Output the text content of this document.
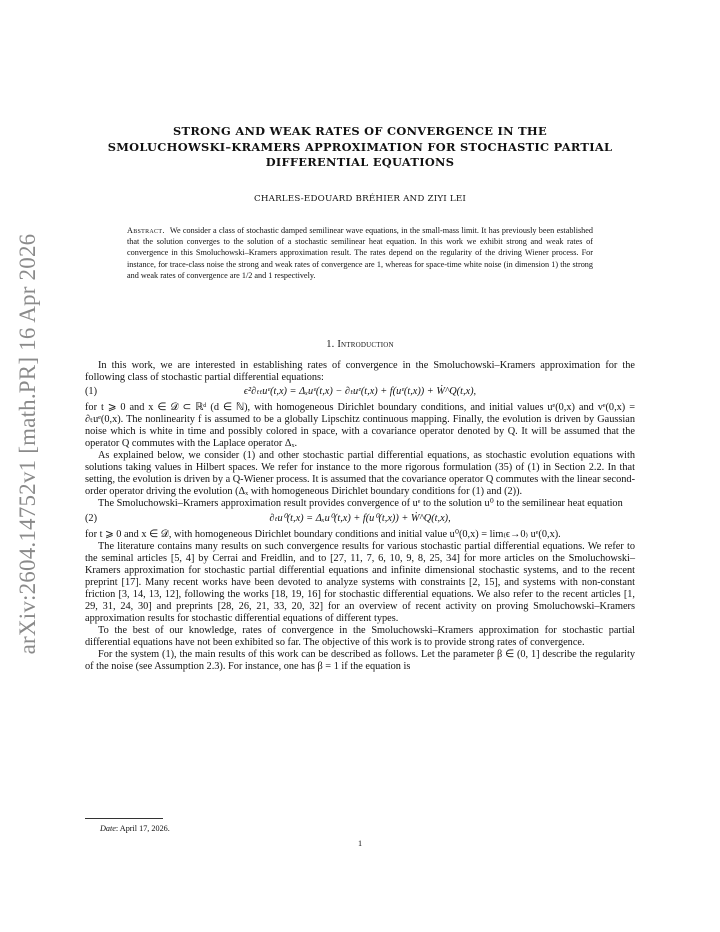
arXiv:2604.14752v1 [math.PR] 16 Apr 2026
STRONG AND WEAK RATES OF CONVERGENCE IN THE
SMOLUCHOWSKI–KRAMERS APPROXIMATION FOR STOCHASTIC PARTIAL
DIFFERENTIAL EQUATIONS
CHARLES-EDOUARD BRÉHIER AND ZIYI LEI
Abstract. We consider a class of stochastic damped semilinear wave equations, in the small-mass limit. It has previously been established that the solution converges to the solution of a stochastic semilinear heat equation. In this work we exhibit strong and weak rates of convergence in this Smoluchowski–Kramers approximation result. The rates depend on the regularity of the driving Wiener process. For instance, for trace-class noise the strong and weak rates of convergence are 1, whereas for space-time white noise (in dimension 1) the strong and weak rates of convergence are 1/2 and 1 respectively.
1. Introduction

In this work, we are interested in establishing rates of convergence in the Smoluchowski–Kramers approximation for the following class of stochastic partial differential equations:

(1)	ϵ²∂ₜₜuᵉ(t,x) = Δₓuᵉ(t,x) − ∂ₜuᵉ(t,x) + f(uᵉ(t,x)) + Ẇ^Q(t,x),

for t ⩾ 0 and x ∈ 𝒟 ⊂ ℝᵈ (d ∈ ℕ), with homogeneous Dirichlet boundary conditions, and initial values uᵉ(0,x) and vᵉ(0,x) = ∂ₜuᵉ(0,x). The nonlinearity f is assumed to be a globally Lipschitz continuous mapping. Finally, the evolution is driven by Gaussian noise which is white in time and possibly colored in space, with a covariance operator denoted by Q. It will be assumed that the operator Q commutes with the Laplace operator Δₓ.

As explained below, we consider (1) and other stochastic partial differential equations, as stochastic evolution equations with solutions taking values in Hilbert spaces. We refer for instance to the more rigorous formulation (35) of (1) in Section 2.2. In that setting, the evolution is driven by a Q-Wiener process. It is assumed that the covariance operator Q commutes with the linear second-order operator driving the evolution (Δₓ with homogeneous Dirichlet boundary conditions for (1) and (2)).

The Smoluchowski–Kramers approximation result provides convergence of uᵉ to the solution u⁰ to the semilinear heat equation

(2)	∂ₜu⁰(t,x) = Δₓu⁰(t,x) + f(u⁰(t,x)) + Ẇ^Q(t,x),

for t ⩾ 0 and x ∈ 𝒟, with homogeneous Dirichlet boundary conditions and initial value u⁰(0,x) = lim₍ϵ→0₎ uᵉ(0,x).

The literature contains many results on such convergence results for various stochastic partial differential equations. We refer to the seminal articles [5, 4] by Cerrai and Freidlin, and to [27, 11, 7, 6, 10, 9, 8, 25, 34] for more articles on the Smoluchowski–Kramers approximation for stochastic partial differential equations and infinite dimensional stochastic systems, and to the recent preprint [17]. Many recent works have been devoted to analyze systems with constraints [2, 15], and systems with non-constant friction [3, 14, 13, 12], following the works [18, 19, 16] for stochastic differential equations. We also refer to the recent articles [1, 29, 31, 24, 30] and preprints [28, 26, 21, 33, 20, 32] for an overview of recent activity on proving Smoluchowski–Kramers approximation results for stochastic differential equations of different types.

To the best of our knowledge, rates of convergence in the Smoluchowski–Kramers approximation for stochastic partial differential equations have not been exhibited so far. The objective of this work is to provide strong rates of convergence.

For the system (1), the main results of this work can be described as follows. Let the parameter β ∈ (0, 1] describe the regularity of the noise (see Assumption 2.3). For instance, one has β = 1 if the equation is

Date: April 17, 2026.
1
